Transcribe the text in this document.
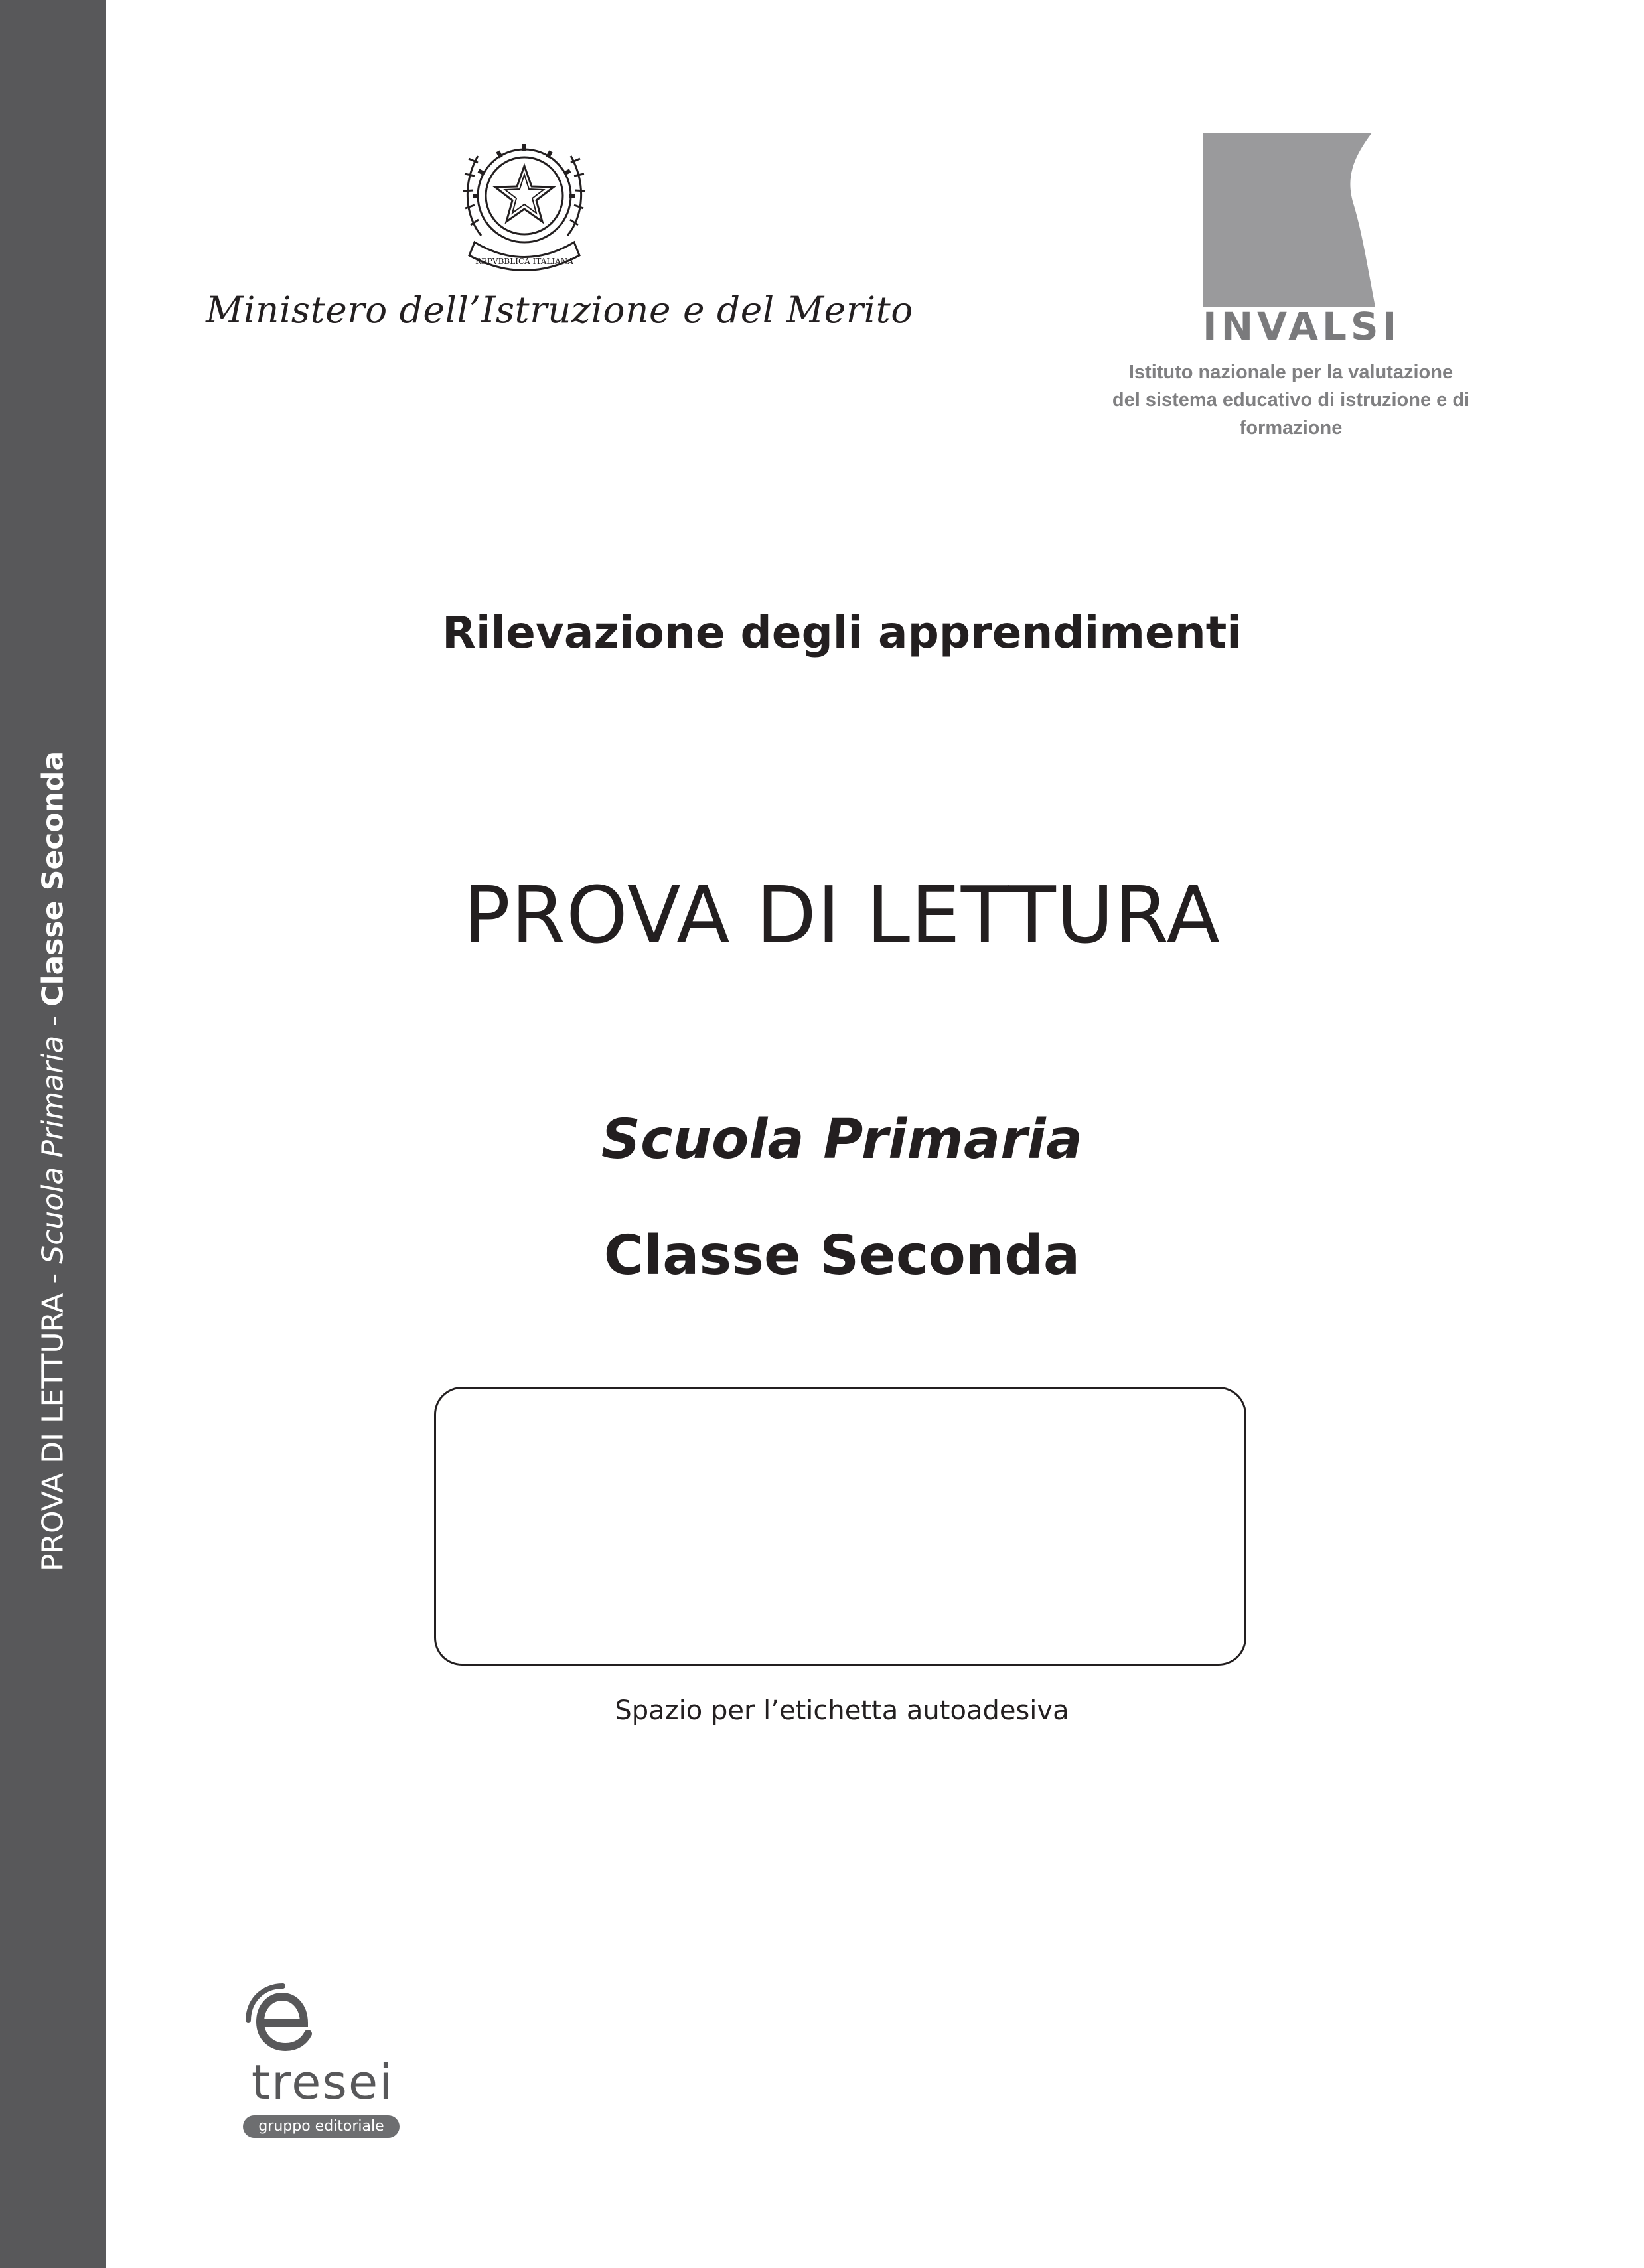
PROVA DI LETTURA - Scuola Primaria - Classe Seconda
REPVBBLICA ITALIANA
Ministero dell’Istruzione e del Merito	INVALSI
Istituto nazionale per la valutazione
del sistema educativo di istruzione e di formazione
Rilevazione degli apprendimenti
PROVA DI LETTURA
Scuola Primaria
Classe Seconda
Spazio per l’etichetta autoadesiva
tresei
gruppo editoriale
